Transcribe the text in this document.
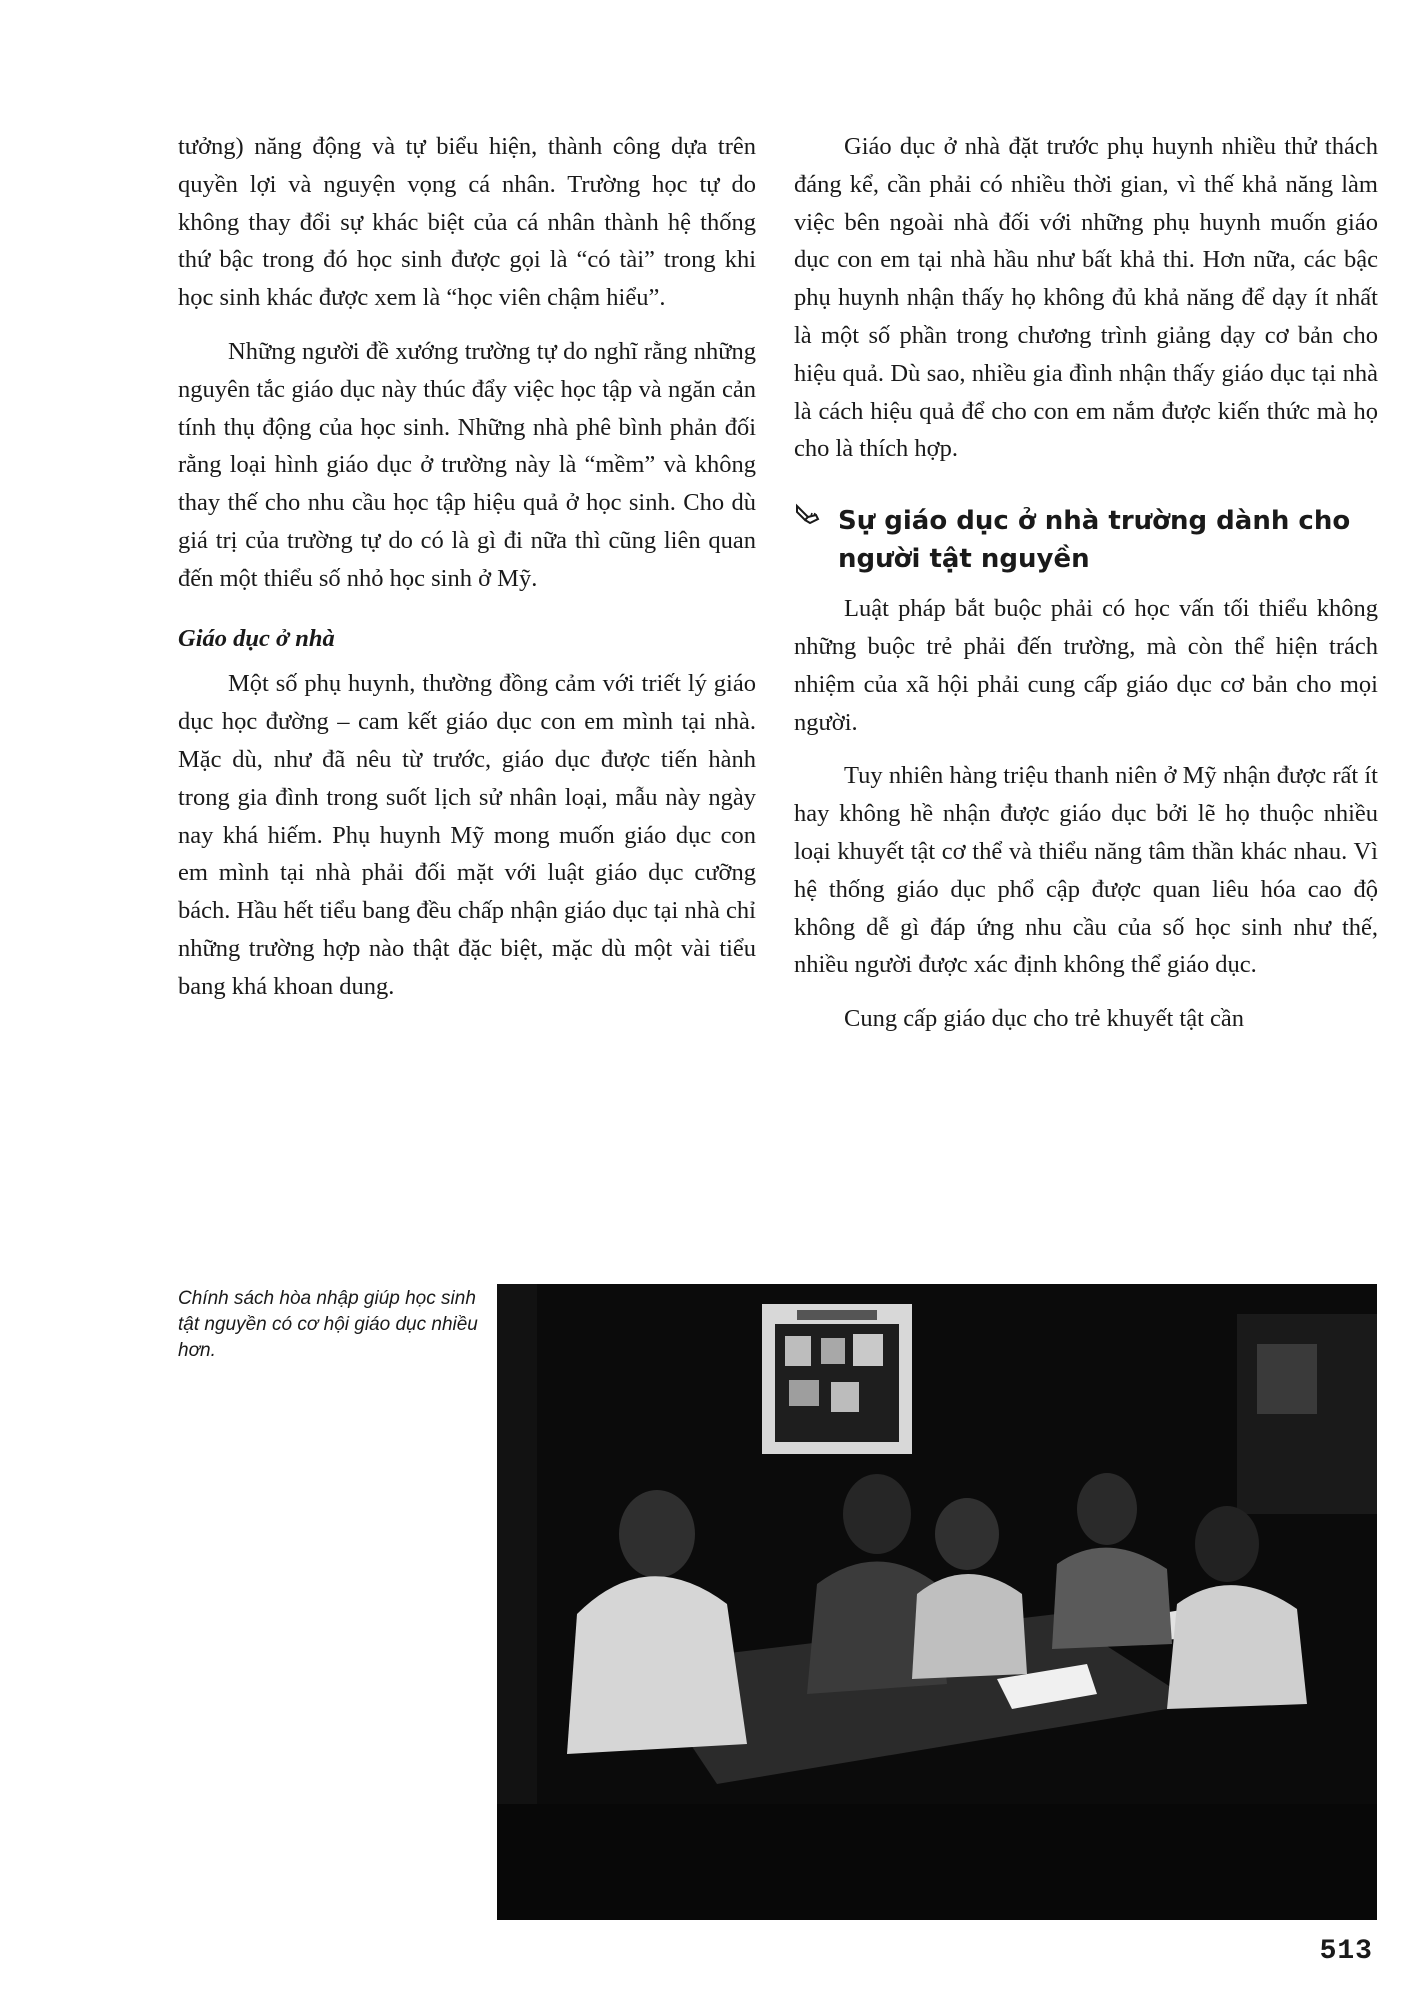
tưởng) năng động và tự biểu hiện, thành công dựa trên quyền lợi và nguyện vọng cá nhân. Trường học tự do không thay đổi sự khác biệt của cá nhân thành hệ thống thứ bậc trong đó học sinh được gọi là “có tài” trong khi học sinh khác được xem là “học viên chậm hiểu”.

Những người đề xướng trường tự do nghĩ rằng những nguyên tắc giáo dục này thúc đẩy việc học tập và ngăn cản tính thụ động của học sinh. Những nhà phê bình phản đối rằng loại hình giáo dục ở trường này là “mềm” và không thay thế cho nhu cầu học tập hiệu quả ở học sinh. Cho dù giá trị của trường tự do có là gì đi nữa thì cũng liên quan đến một thiểu số nhỏ học sinh ở Mỹ.

Giáo dục ở nhà

Một số phụ huynh, thường đồng cảm với triết lý giáo dục học đường – cam kết giáo dục con em mình tại nhà. Mặc dù, như đã nêu từ trước, giáo dục được tiến hành trong gia đình trong suốt lịch sử nhân loại, mẫu này ngày nay khá hiếm. Phụ huynh Mỹ mong muốn giáo dục con em mình tại nhà phải đối mặt với luật giáo dục cưỡng bách. Hầu hết tiểu bang đều chấp nhận giáo dục tại nhà chỉ những trường hợp nào thật đặc biệt, mặc dù một vài tiểu bang khá khoan dung.

Giáo dục ở nhà đặt trước phụ huynh nhiều thử thách đáng kể, cần phải có nhiều thời gian, vì thế khả năng làm việc bên ngoài nhà đối với những phụ huynh muốn giáo dục con em tại nhà hầu như bất khả thi. Hơn nữa, các bậc phụ huynh nhận thấy họ không đủ khả năng để dạy ít nhất là một số phần trong chương trình giảng dạy cơ bản cho hiệu quả. Dù sao, nhiều gia đình nhận thấy giáo dục tại nhà là cách hiệu quả để cho con em nắm được kiến thức mà họ cho là thích hợp.

Sự giáo dục ở nhà trường dành cho người tật nguyền

Luật pháp bắt buộc phải có học vấn tối thiểu không những buộc trẻ phải đến trường, mà còn thể hiện trách nhiệm của xã hội phải cung cấp giáo dục cơ bản cho mọi người.

Tuy nhiên hàng triệu thanh niên ở Mỹ nhận được rất ít hay không hề nhận được giáo dục bởi lẽ họ thuộc nhiều loại khuyết tật cơ thể và thiểu năng tâm thần khác nhau. Vì hệ thống giáo dục phổ cập được quan liêu hóa cao độ không dễ gì đáp ứng nhu cầu của số học sinh như thế, nhiều người được xác định không thể giáo dục.

Cung cấp giáo dục cho trẻ khuyết tật cần

Chính sách hòa nhập giúp học sinh tật nguyền có cơ hội giáo dục nhiều hơn.
513
